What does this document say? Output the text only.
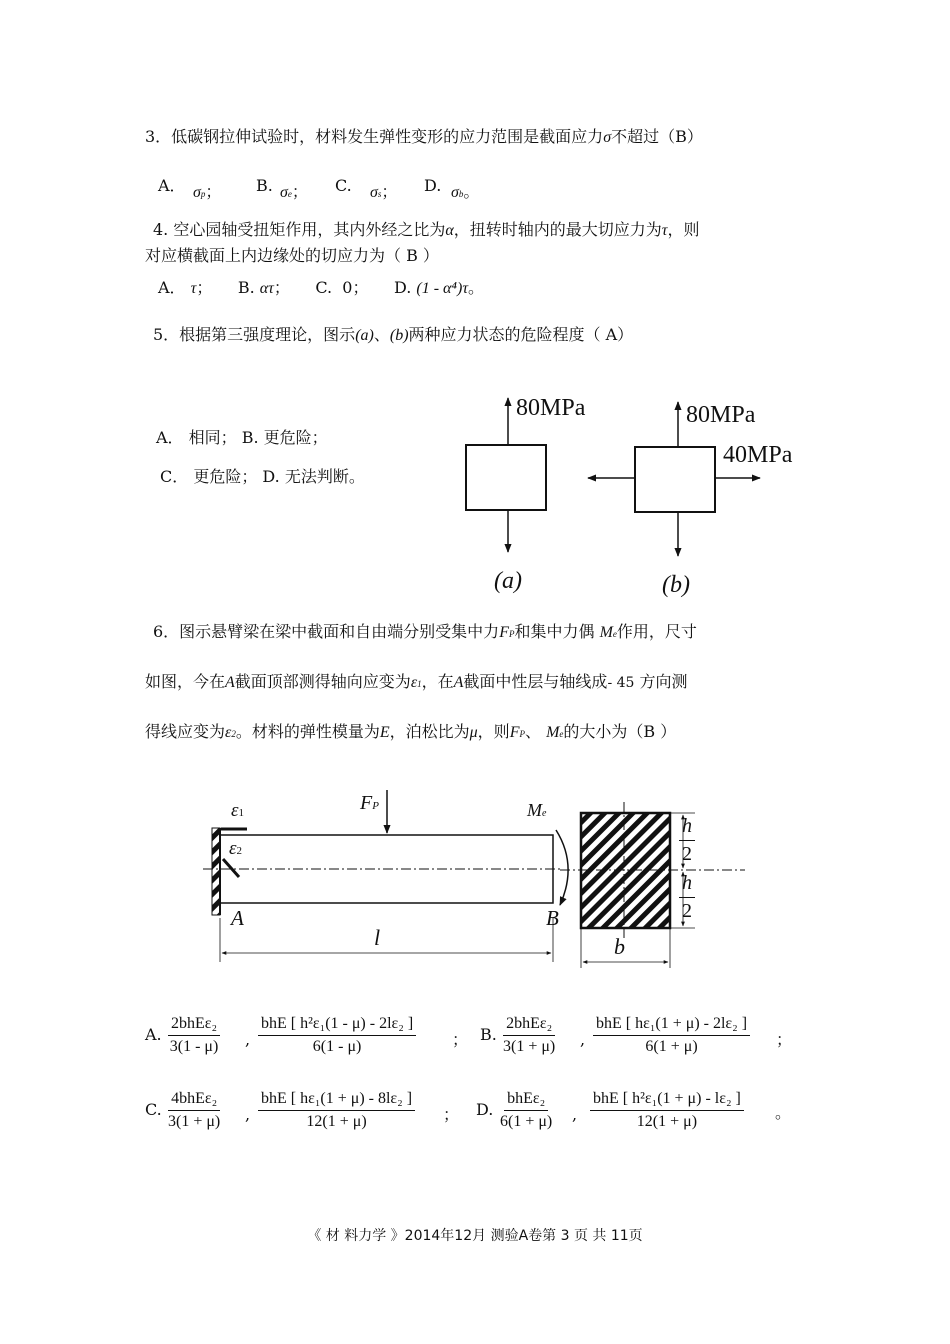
3．低碳钢拉伸试验时，材料发生弹性变形的应力范围是截面应力σ不超过（B）
A． σp； B. σe； C. σs； D. σb。
4. 空心园轴受扭矩作用，其内外经之比为α，扭转时轴内的最大切应力为τ，则
对应横截面上内边缘处的切应力为（ B ）
A． τ； B. ατ； C. 0； D. (1 - α⁴)τ。
5．根据第三强度理论，图示(a)、(b)两种应力状态的危险程度（ A）
A． 相同； B. 更危险；
C． 更危险； D. 无法判断。
80MPa	80MPa
40MPa
(a)	(b)
6．图示悬臂梁在梁中截面和自由端分别受集中力FP和集中力偶 Me作用，尺寸
如图，今在A截面顶部测得轴向应变为ε1，在A截面中性层与轴线成- 45 方向测
得线应变为ε2。材料的弹性模量为E，泊松比为μ，则FP、 Me的大小为（B ）
ε1
ε2
FP	Me
A	B
l	b
$\frac{h}{2}$
$\frac{h}{2}$
A.
2bhEε₂
3(1 - μ) ,
bhE [ h²ε₁(1 - μ) - 2lε₂ ]
6(1 - μ)	； B.
2bhEε₂
3(1 + μ) ,
bhE [ hε₁(1 + μ) - 2lε₂ ]
6(1 + μ)	；
C.
4bhEε₂
3(1 + μ) ,
bhE [ hε₁(1 + μ) - 8lε₂ ]
12(1 + μ)	； D.
bhEε₂
6(1 + μ) ,
bhE [ h²ε₁(1 + μ) - lε₂ ]
12(1 + μ)	。
《 材 料力学 》2014年12月 测验A卷第 3 页 共 11页
